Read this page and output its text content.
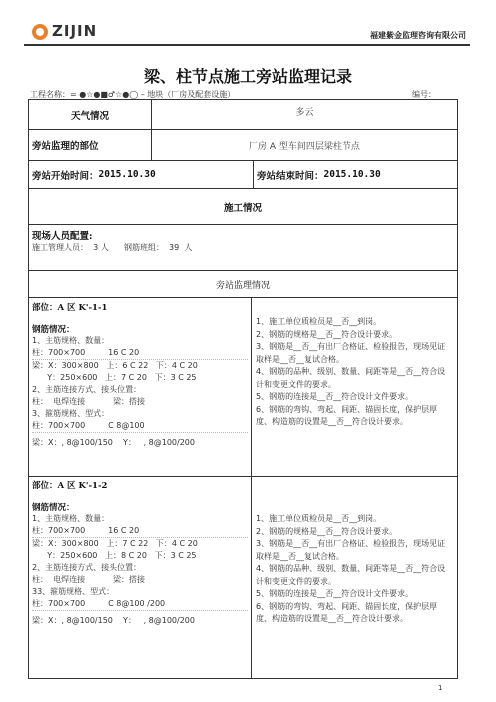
ZIJIN	福建紫金监理咨询有限公司
梁、柱节点施工旁站监理记录
工程名称：= ●☆●■♂☆●◯ – 地块（厂房及配套设施）	编号：
天气情况	多云
旁站监理的部位	厂房 A 型车间四层梁柱节点
旁站开始时间： 2015.10.30	旁站结束时间： 2015.10.30
施工情况
现场人员配置:
施工管理人员：  3 人      钢筋班组：  39  人
旁站监理情况
部位：A 区 K'-1-1
钢筋情况：
1、主筋规格、数量：
柱：700×700         16 C 20
梁：X：300×800   上：6 C 22   下：4 C 20
Y：250×600   上：7 C 20   下：3 C 25
2、主筋连接方式、接头位置：
柱：  电焊连接           梁：搭接
3、箍筋规格、型式：
柱：700×700         C 8@100
梁：X：, 8@100/150    Y：   , 8@100/200
1、施工单位质检员是__否__到岗。
2、钢筋的规格是__否__符合设计要求。
3、钢筋是__否__有出厂合格证、检验报告，现场见证取样是__否__复试合格。
4、钢筋的品种、级别、数量、间距等是__否__符合设计和变更文件的要求。
5、钢筋的连接是__否__符合设计文件要求。
6、钢筋的弯钩、弯起、间距、锚固长度，保护层厚度、构造筋的设置是__否__符合设计要求。
部位：A 区 K'-1-2
钢筋情况：
1、主筋规格、数量：
柱：700×700         16 C 20
梁：X：300×800   上：7 C 22   下：4 C 20
Y：250×600   上：8 C 20   下：3 C 25
2、主筋连接方式、接头位置：
柱：  电焊连接           梁：搭接
33、箍筋规格、型式：
柱：700×700         C 8@100 /200
梁：X：, 8@100/150    Y：   , 8@100/200
1、施工单位质检员是__否__到岗。
2、钢筋的规格是__否__符合设计要求。
3、钢筋是__否__有出厂合格证、检验报告，现场见证取样是__否__复试合格。
4、钢筋的品种、级别、数量、间距等是__否__符合设计和变更文件的要求。
5、钢筋的连接是__否__符合设计文件要求。
6、钢筋的弯钩、弯起、间距、锚固长度，保护层厚度、构造筋的设置是__否__符合设计要求。
1
